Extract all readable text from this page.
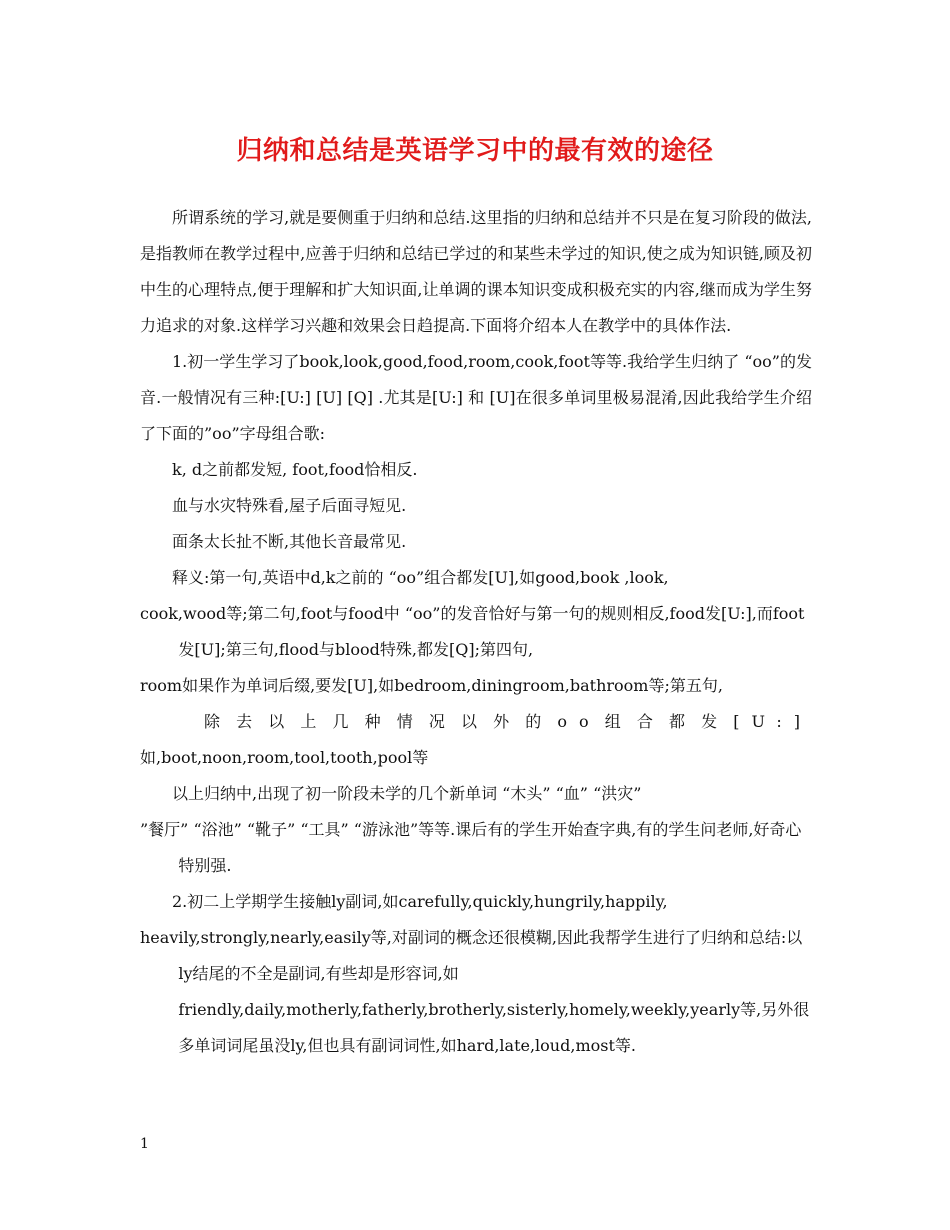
归纳和总结是英语学习中的最有效的途径

所谓系统的学习,就是要侧重于归纳和总结.这里指的归纳和总结并不只是在复习阶段的做法,是指教师在教学过程中,应善于归纳和总结已学过的和某些未学过的知识,使之成为知识链,顾及初中生的心理特点,便于理解和扩大知识面,让单调的课本知识变成积极充实的内容,继而成为学生努力追求的对象.这样学习兴趣和效果会日趋提高.下面将介绍本人在教学中的具体作法.

1.初一学生学习了book,look,good,food,room,cook,foot等等.我给学生归纳了 “oo”的发音.一般情况有三种:[U:] [U] [Q] .尤其是[U:] 和 [U]在很多单词里极易混淆,因此我给学生介绍了下面的”oo”字母组合歌:

k, d之前都发短, foot,food恰相反.

血与水灾特殊看,屋子后面寻短见.

面条太长扯不断,其他长音最常见.

释义:第一句,英语中d,k之前的 “oo”组合都发[U],如good,book ,look,

cook,wood等;第二句,foot与food中 “oo”的发音恰好与第一句的规则相反,food发[U:],而foot发[U];第三句,flood与blood特殊,都发[Q];第四句,

room如果作为单词后缀,要发[U],如bedroom,diningroom,bathroom等;第五句,

除去以上几种情况以外的oo组合都发[U:]

如,boot,noon,room,tool,tooth,pool等

以上归纳中,出现了初一阶段未学的几个新单词 “木头” “血” “洪灾”

”餐厅” “浴池” “靴子” “工具” “游泳池”等等.课后有的学生开始查字典,有的学生问老师,好奇心特别强.

2.初二上学期学生接触ly副词,如carefully,quickly,hungrily,happily,

heavily,strongly,nearly,easily等,对副词的概念还很模糊,因此我帮学生进行了归纳和总结:以ly结尾的不全是副词,有些却是形容词,如friendly,daily,motherly,fatherly,brotherly,sisterly,homely,weekly,yearly等,另外很多单词词尾虽没ly,但也具有副词词性,如hard,late,loud,most等.

1
